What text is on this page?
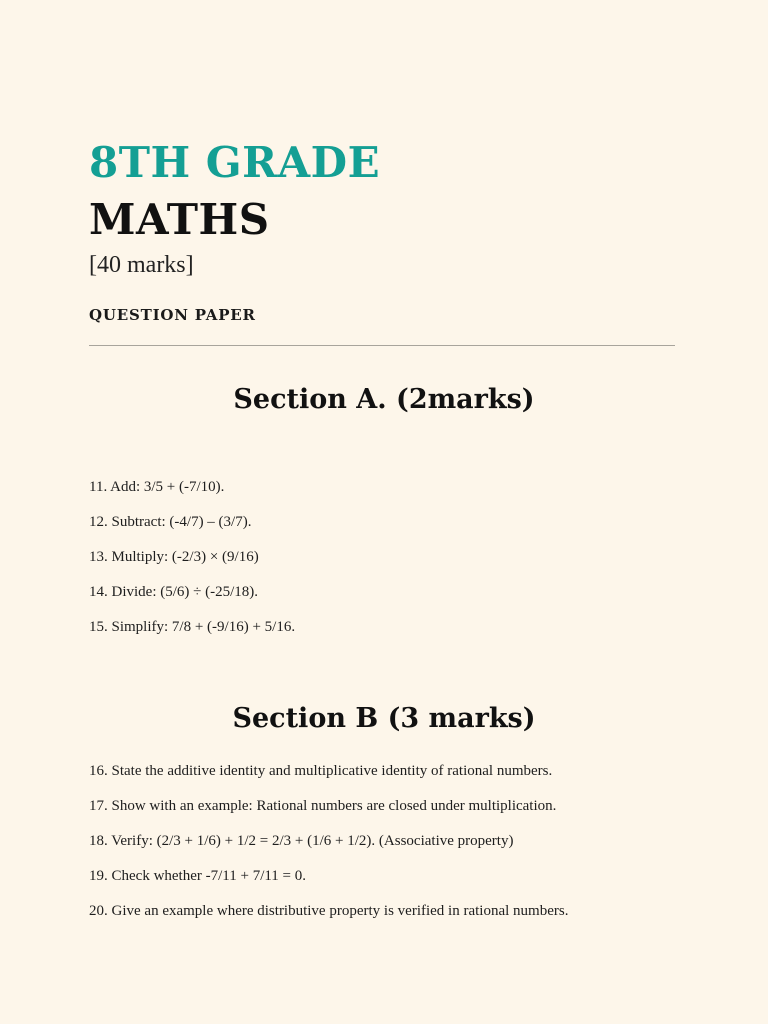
8TH GRADE
MATHS

[40 marks]

QUESTION PAPER

Section A. (2marks)
11. Add: 3/5 + (-7/10).
12. Subtract: (-4/7) – (3/7).
13. Multiply: (-2/3) × (9/16)
14. Divide: (5/6) ÷ (-25/18).
15. Simplify: 7/8 + (-9/16) + 5/16.
Section B (3 marks)
16. State the additive identity and multiplicative identity of rational numbers.
17. Show with an example: Rational numbers are closed under multiplication.
18. Verify: (2/3 + 1/6) + 1/2 = 2/3 + (1/6 + 1/2). (Associative property)
19. Check whether -7/11 + 7/11 = 0.
20. Give an example where distributive property is verified in rational numbers.
